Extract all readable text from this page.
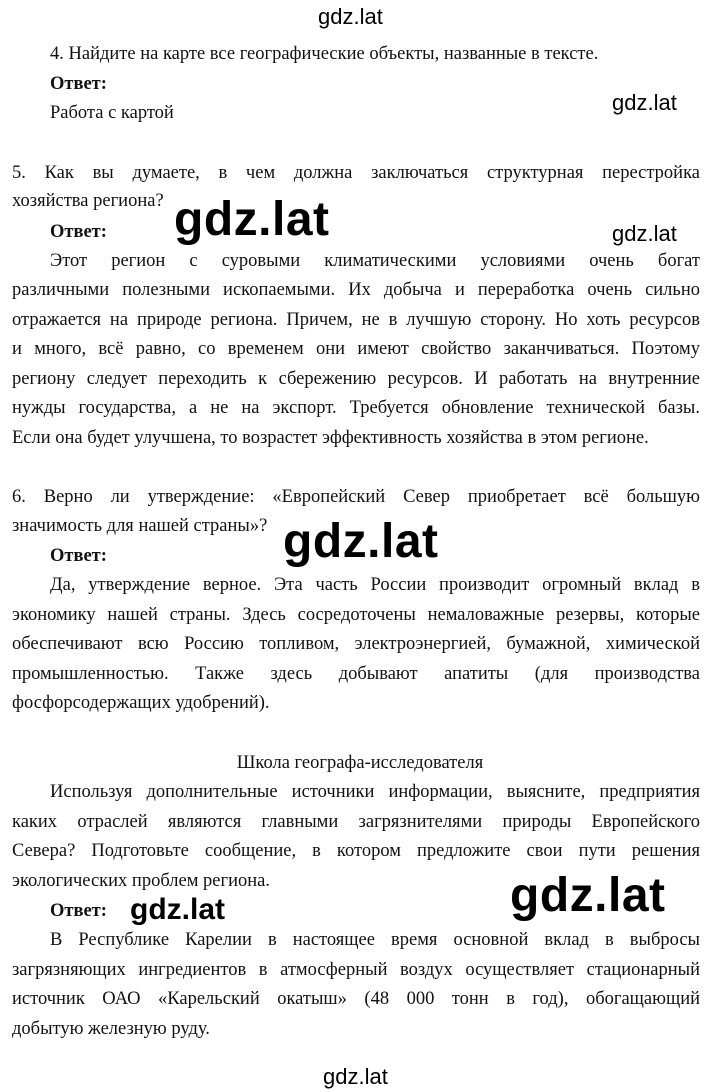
4. Найдите на карте все географические объекты, названные в тексте.
Ответ:
Работа с картой
5. Как вы думаете, в чем должна заключаться структурная перестройка
хозяйства региона?
Ответ:
Этот регион с суровыми климатическими условиями очень богат
различными полезными ископаемыми. Их добыча и переработка очень сильно
отражается на природе региона. Причем, не в лучшую сторону. Но хоть ресурсов
и много, всё равно, со временем они имеют свойство заканчиваться. Поэтому
региону следует переходить к сбережению ресурсов. И работать на внутренние
нужды государства, а не на экспорт. Требуется обновление технической базы.
Если она будет улучшена, то возрастет эффективность хозяйства в этом регионе.
6. Верно ли утверждение: «Европейский Север приобретает всё большую
значимость для нашей страны»?
Ответ:
Да, утверждение верное. Эта часть России производит огромный вклад в
экономику нашей страны. Здесь сосредоточены немаловажные резервы, которые
обеспечивают всю Россию топливом, электроэнергией, бумажной, химической
промышленностью. Также здесь добывают апатиты (для производства
фосфорсодержащих удобрений).
Школа географа-исследователя
Используя дополнительные источники информации, выясните, предприятия
каких отраслей являются главными загрязнителями природы Европейского
Севера? Подготовьте сообщение, в котором предложите свои пути решения
экологических проблем региона.
Ответ:
В Республике Карелии в настоящее время основной вклад в выбросы
загрязняющих ингредиентов в атмосферный воздух осуществляет стационарный
источник ОАО «Карельский окатыш» (48 000 тонн в год), обогащающий
добытую железную руду.
gdz.lat
gdz.lat
gdz.lat	gdz.lat
gdz.lat
gdz.lat
gdz.lat
gdz.lat
